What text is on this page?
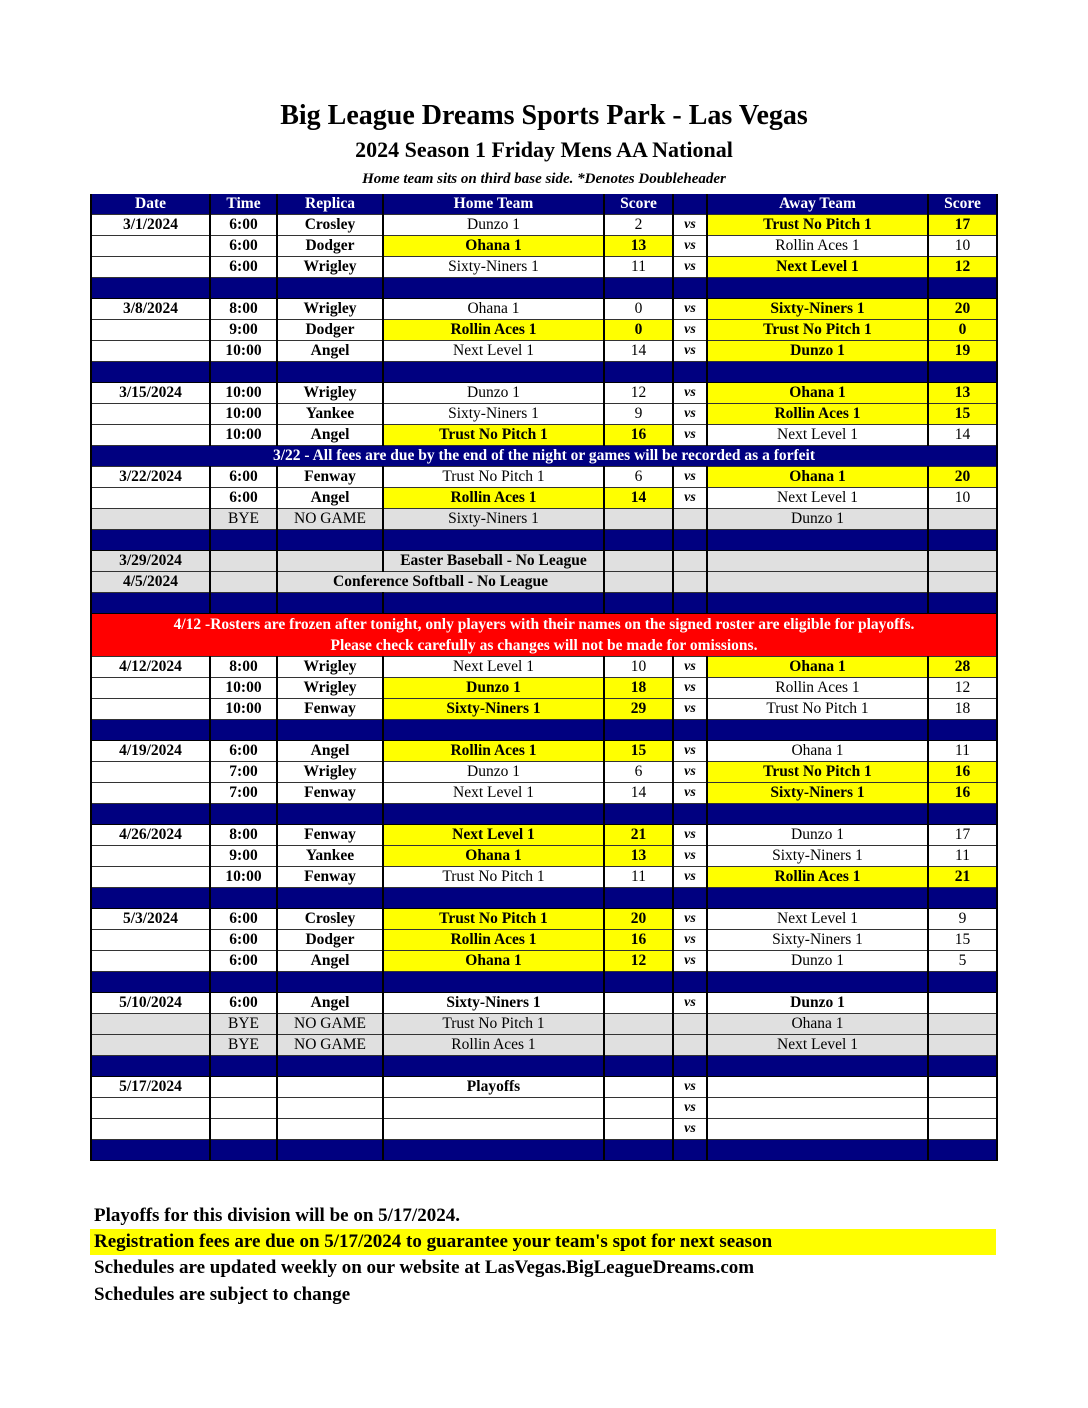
Big League Dreams Sports Park - Las Vegas
2024 Season 1 Friday Mens AA National
Home team sits on third base side. *Denotes Doubleheader
Date	Time	Replica	Home Team	Score		Away Team	Score
3/1/2024	6:00	Crosley	Dunzo 1	2	vs	Trust No Pitch 1	17
	6:00	Dodger	Ohana 1	13	vs	Rollin Aces 1	10
	6:00	Wrigley	Sixty-Niners 1	11	vs	Next Level 1	12

3/8/2024	8:00	Wrigley	Ohana 1	0	vs	Sixty-Niners 1	20
	9:00	Dodger	Rollin Aces 1	0	vs	Trust No Pitch 1	0
	10:00	Angel	Next Level 1	14	vs	Dunzo 1	19

3/15/2024	10:00	Wrigley	Dunzo 1	12	vs	Ohana 1	13
	10:00	Yankee	Sixty-Niners 1	9	vs	Rollin Aces 1	15
	10:00	Angel	Trust No Pitch 1	16	vs	Next Level 1	14
3/22 - All fees are due by the end of the night or games will be recorded as a forfeit							
3/22/2024	6:00	Fenway	Trust No Pitch 1	6	vs	Ohana 1	20
	6:00	Angel	Rollin Aces 1	14	vs	Next Level 1	10
	BYE	NO GAME	Sixty-Niners 1			Dunzo 1	

3/29/2024			Easter Baseball - No League				
4/5/2024		Conference Softball - No League					

4/12 -Rosters are frozen after tonight, only players with their names on the signed roster are eligible for playoffs.
Please check carefully as changes will not be made for omissions.							

4/12/2024	8:00	Wrigley	Next Level 1	10	vs	Ohana 1	28
	10:00	Wrigley	Dunzo 1	18	vs	Rollin Aces 1	12
	10:00	Fenway	Sixty-Niners 1	29	vs	Trust No Pitch 1	18

4/19/2024	6:00	Angel	Rollin Aces 1	15	vs	Ohana 1	11
	7:00	Wrigley	Dunzo 1	6	vs	Trust No Pitch 1	16
	7:00	Fenway	Next Level 1	14	vs	Sixty-Niners 1	16

4/26/2024	8:00	Fenway	Next Level 1	21	vs	Dunzo 1	17
	9:00	Yankee	Ohana 1	13	vs	Sixty-Niners 1	11
	10:00	Fenway	Trust No Pitch 1	11	vs	Rollin Aces 1	21

5/3/2024	6:00	Crosley	Trust No Pitch 1	20	vs	Next Level 1	9
	6:00	Dodger	Rollin Aces 1	16	vs	Sixty-Niners 1	15
	6:00	Angel	Ohana 1	12	vs	Dunzo 1	5

5/10/2024	6:00	Angel	Sixty-Niners 1		vs	Dunzo 1	
	BYE	NO GAME	Trust No Pitch 1			Ohana 1	
	BYE	NO GAME	Rollin Aces 1			Next Level 1	

5/17/2024			Playoffs		vs		
					vs		
					vs		

Playoffs for this division will be on 5/17/2024.
Registration fees are due on 5/17/2024 to guarantee your team's spot for next season
Schedules are updated weekly on our website at LasVegas.BigLeagueDreams.com
Schedules are subject to change
